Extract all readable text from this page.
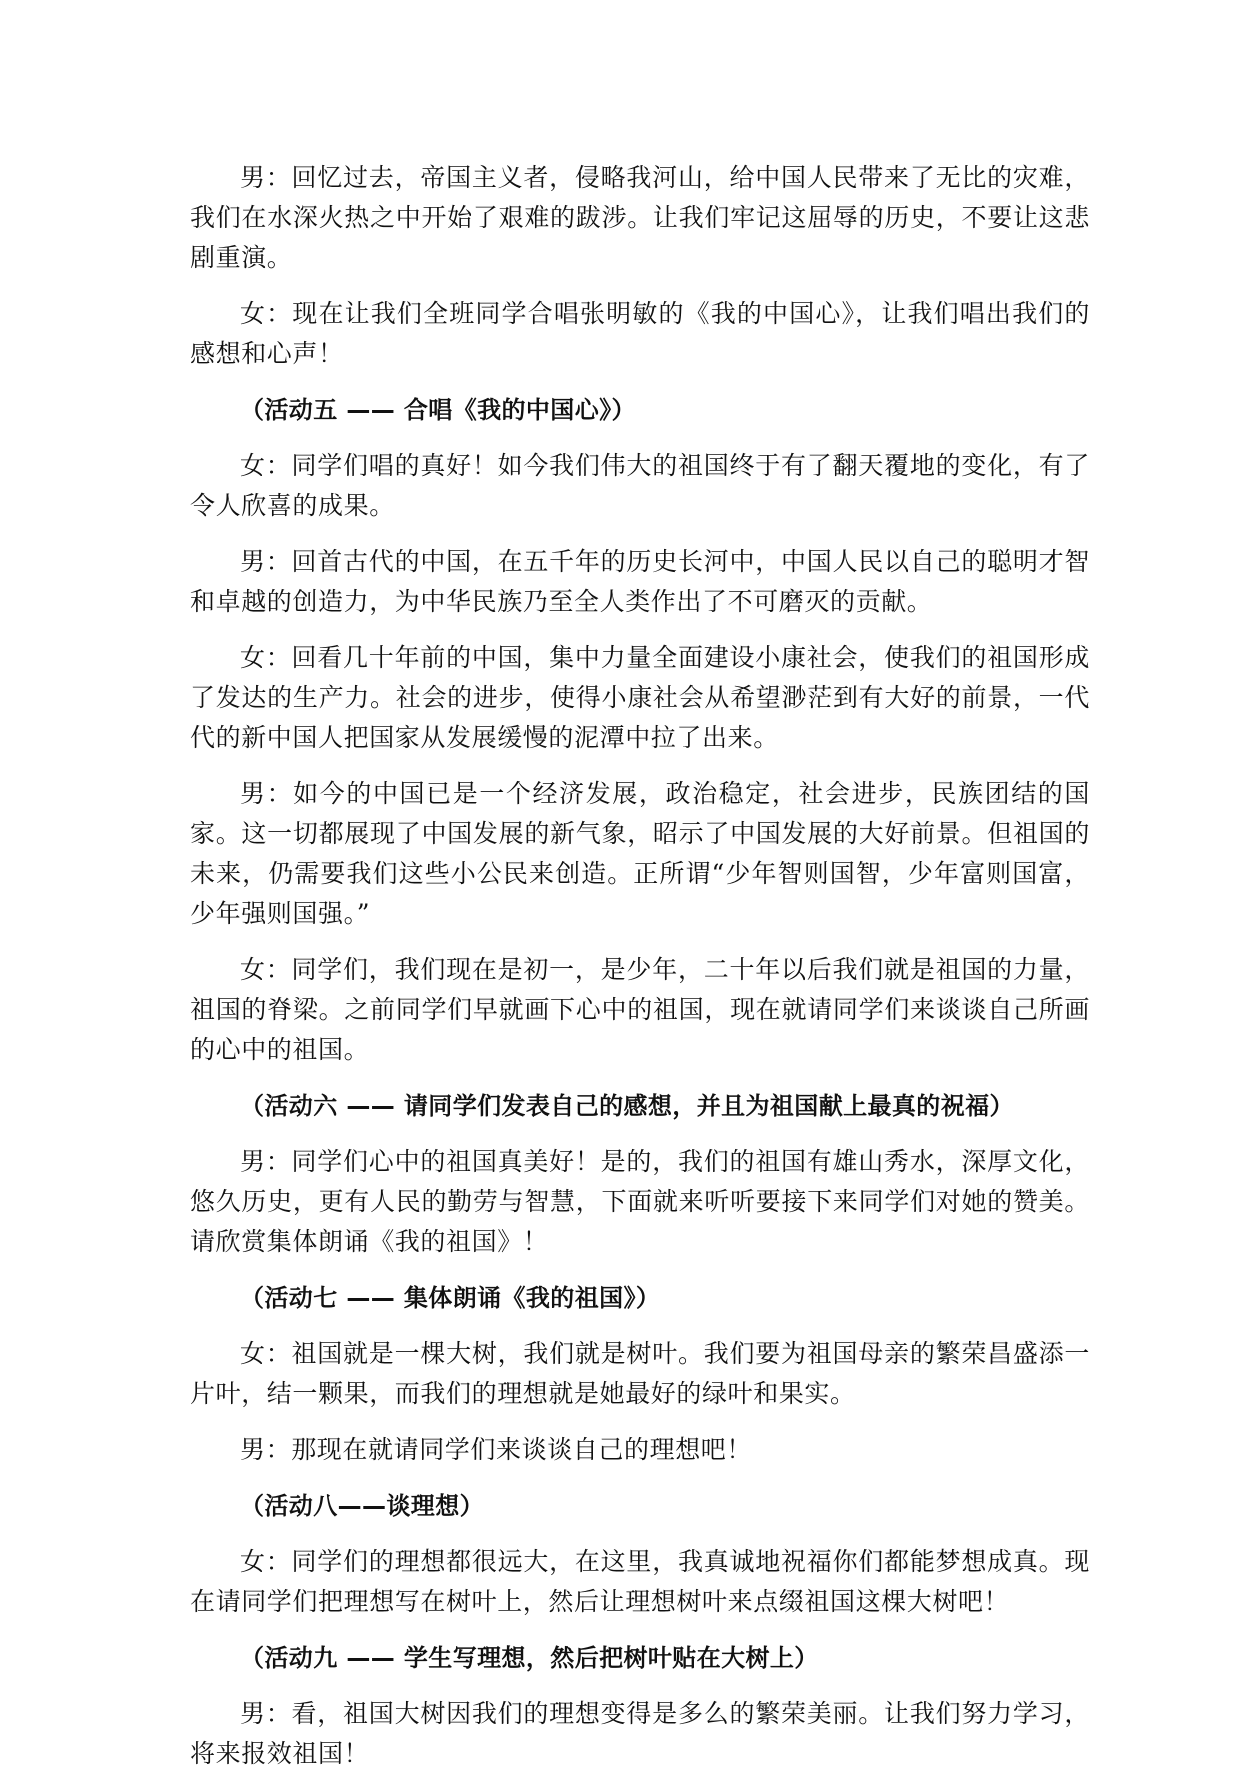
男：回忆过去，帝国主义者，侵略我河山，给中国人民带来了无比的灾难，我们在水深火热之中开始了艰难的跋涉。让我们牢记这屈辱的历史，不要让这悲剧重演。

女：现在让我们全班同学合唱张明敏的《我的中国心》，让我们唱出我们的感想和心声！

（活动五 —— 合唱《我的中国心》）

女：同学们唱的真好！如今我们伟大的祖国终于有了翻天覆地的变化，有了令人欣喜的成果。

男：回首古代的中国，在五千年的历史长河中，中国人民以自己的聪明才智和卓越的创造力，为中华民族乃至全人类作出了不可磨灭的贡献。

女：回看几十年前的中国，集中力量全面建设小康社会，使我们的祖国形成了发达的生产力。社会的进步，使得小康社会从希望渺茫到有大好的前景，一代代的新中国人把国家从发展缓慢的泥潭中拉了出来。

男：如今的中国已是一个经济发展，政治稳定，社会进步，民族团结的国家。这一切都展现了中国发展的新气象，昭示了中国发展的大好前景。但祖国的未来，仍需要我们这些小公民来创造。正所谓“少年智则国智，少年富则国富，少年强则国强。”

女：同学们，我们现在是初一，是少年，二十年以后我们就是祖国的力量，祖国的脊梁。之前同学们早就画下心中的祖国，现在就请同学们来谈谈自己所画的心中的祖国。

（活动六 —— 请同学们发表自己的感想，并且为祖国献上最真的祝福）

男：同学们心中的祖国真美好！是的，我们的祖国有雄山秀水，深厚文化，悠久历史，更有人民的勤劳与智慧，下面就来听听要接下来同学们对她的赞美。请欣赏集体朗诵《我的祖国》！

（活动七 —— 集体朗诵《我的祖国》）

女：祖国就是一棵大树，我们就是树叶。我们要为祖国母亲的繁荣昌盛添一片叶，结一颗果，而我们的理想就是她最好的绿叶和果实。

男：那现在就请同学们来谈谈自己的理想吧！

（活动八——谈理想）

女：同学们的理想都很远大，在这里，我真诚地祝福你们都能梦想成真。现在请同学们把理想写在树叶上，然后让理想树叶来点缀祖国这棵大树吧！

（活动九 —— 学生写理想，然后把树叶贴在大树上）

男：看，祖国大树因我们的理想变得是多么的繁荣美丽。让我们努力学习，将来报效祖国！
